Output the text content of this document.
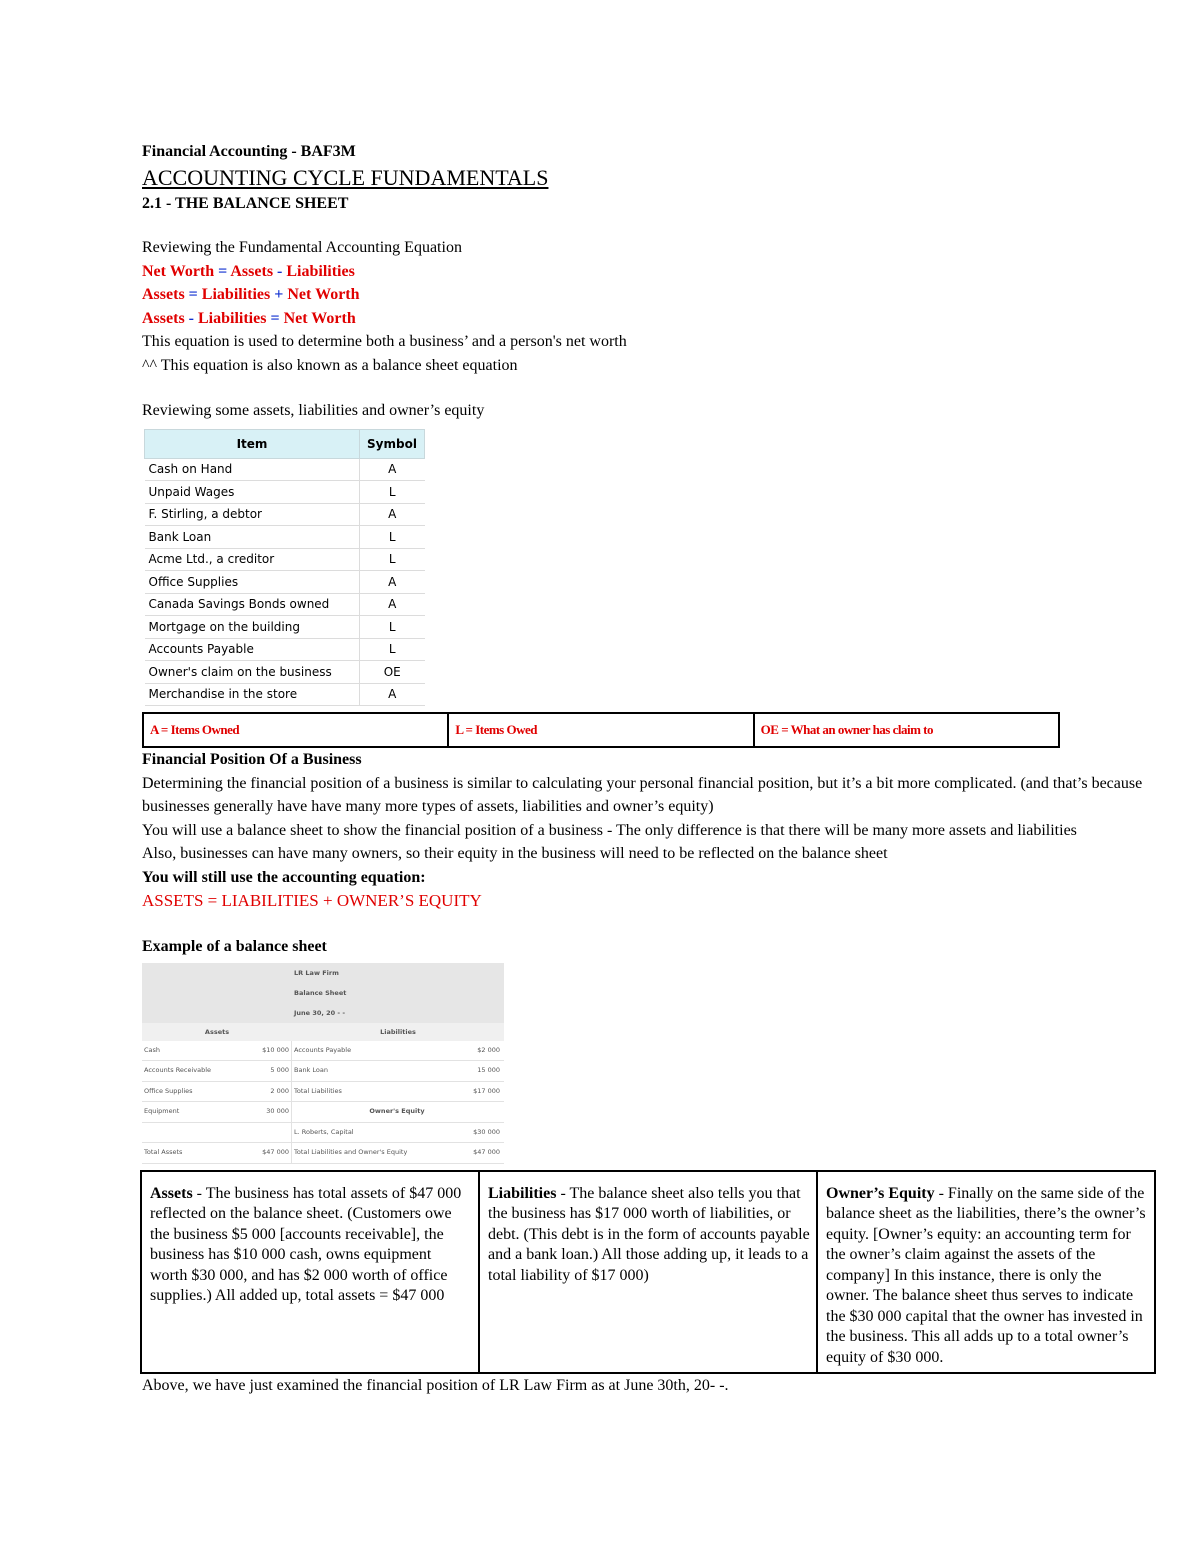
Financial Accounting - BAF3M
ACCOUNTING CYCLE FUNDAMENTALS
2.1 - THE BALANCE SHEET
Reviewing the Fundamental Accounting Equation
Net Worth = Assets - Liabilities
Assets = Liabilities + Net Worth
Assets - Liabilities = Net Worth
This equation is used to determine both a business’ and a person's net worth
^^ This equation is also known as a balance sheet equation
Reviewing some assets, liabilities and owner’s equity
Item	Symbol
Cash on Hand	A
Unpaid Wages	L
F. Stirling, a debtor	A
Bank Loan	L
Acme Ltd., a creditor	L
Office Supplies	A
Canada Savings Bonds owned	A
Mortgage on the building	L
Accounts Payable	L
Owner's claim on the business	OE
Merchandise in the store	A
A = Items Owned	L = Items Owed	OE = What an owner has claim to
Financial Position Of a Business
Determining the financial position of a business is similar to calculating your personal financial position, but it’s a bit more complicated. (and that’s because businesses generally have have many more types of assets, liabilities and owner’s equity)
You will use a balance sheet to show the financial position of a business - The only difference is that there will be many more assets and liabilities
Also, businesses can have many owners, so their equity in the business will need to be reflected on the balance sheet
You will still use the accounting equation:
ASSETS = LIABILITIES + OWNER’S EQUITY
Example of a balance sheet
LR Law Firm
Balance Sheet
June 30, 20 - -
Assets	Liabilities
Cash	$10 000 Accounts Payable	$2 000
Accounts Receivable	5 000 Bank Loan	15 000
Office Supplies	2 000 Total Liabilities	$17 000
Equipment	30 000	Owner's Equity
L. Roberts, Capital	$30 000
Total Assets	$47 000 Total Liabilities and Owner's Equity	$47 000
Assets - The business has total assets of $47 000 reflected on the balance sheet. (Customers owe the business $5 000 [accounts receivable], the business has $10 000 cash, owns equipment worth $30 000, and has $2 000 worth of office supplies.) All added up, total assets = $47 000
Liabilities - The balance sheet also tells you that the business has $17 000 worth of liabilities, or debt. (This debt is in the form of accounts payable and a bank loan.) All those adding up, it leads to a total liability of $17 000)
Owner’s Equity - Finally on the same side of the balance sheet as the liabilities, there’s the owner’s equity. [Owner’s equity: an accounting term for the owner’s claim against the assets of the company] In this instance, there is only the owner. The balance sheet thus serves to indicate the $30 000 capital that the owner has invested in the business. This all adds up to a total owner’s equity of $30 000.
Above, we have just examined the financial position of LR Law Firm as at June 30th, 20- -.
